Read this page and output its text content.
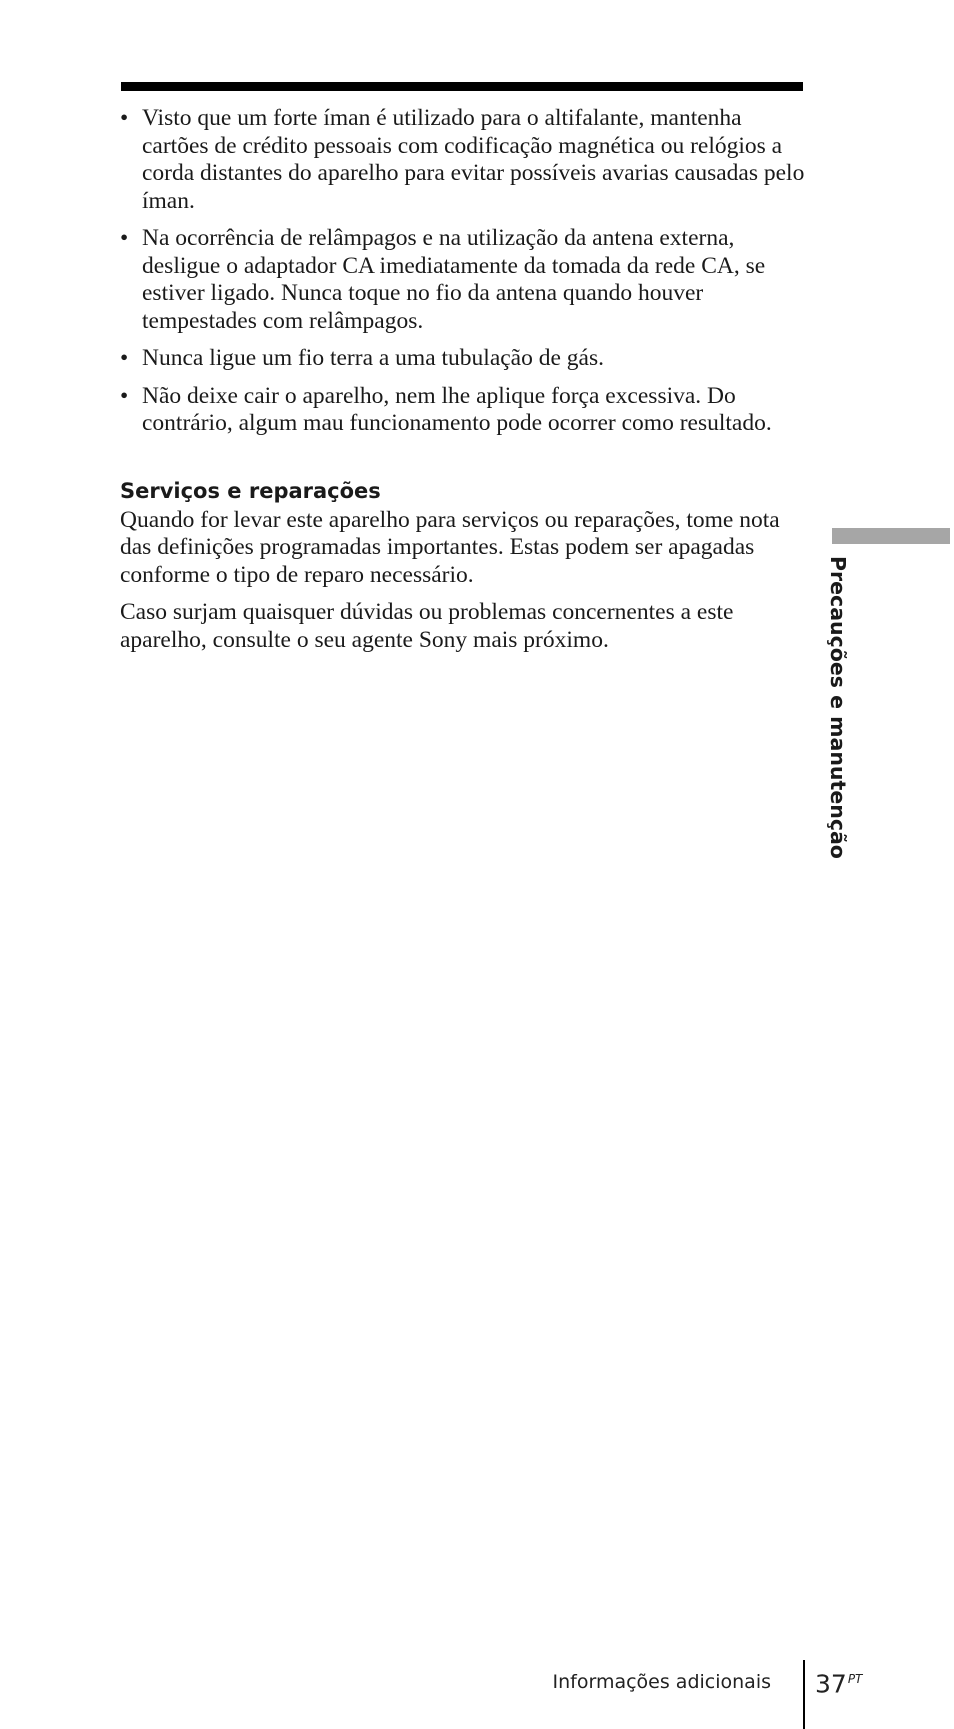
• Visto que um forte íman é utilizado para o altifalante, mantenha cartões de crédito pessoais com codificação magnética ou relógios a corda distantes do aparelho para evitar possíveis avarias causadas pelo íman.
• Na ocorrência de relâmpagos e na utilização da antena externa, desligue o adaptador CA imediatamente da tomada da rede CA, se estiver ligado. Nunca toque no fio da antena quando houver tempestades com relâmpagos.
• Nunca ligue um fio terra a uma tubulação de gás.
• Não deixe cair o aparelho, nem lhe aplique força excessiva. Do contrário, algum mau funcionamento pode ocorrer como resultado.
Serviços e reparações

Quando for levar este aparelho para serviços ou reparações, tome nota das definições programadas importantes. Estas podem ser apagadas conforme o tipo de reparo necessário.

Caso surjam quaisquer dúvidas ou problemas concernentes a este aparelho, consulte o seu agente Sony mais próximo.	Precauções e manutenção
Informações adicionais $37^{PT}$
